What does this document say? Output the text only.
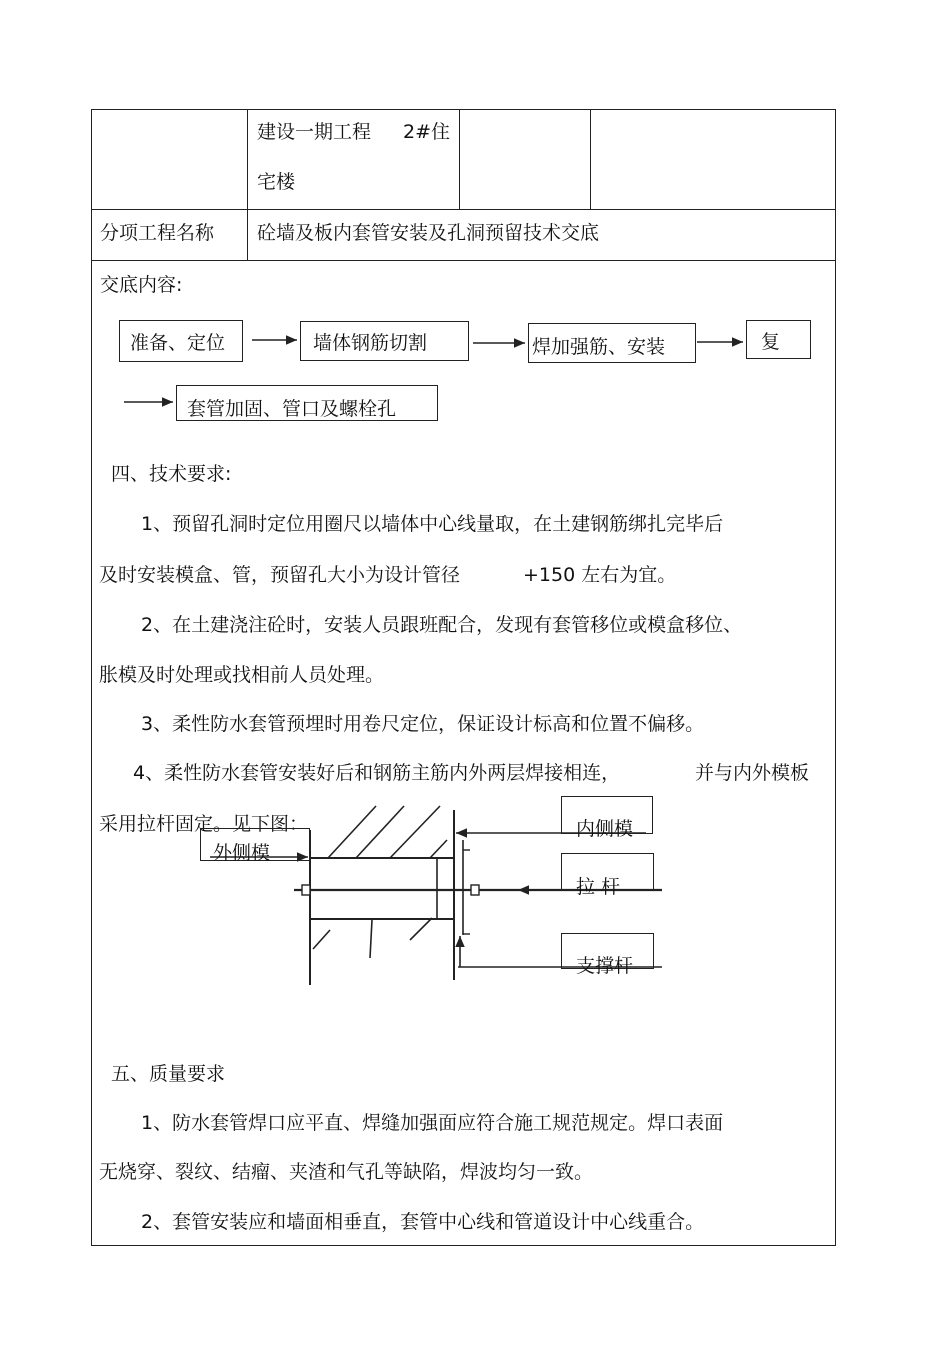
建设一期工程 2#住
宅楼
分项工程名称 砼墙及板内套管安装及孔洞预留技术交底
交底内容:
准备、定位	墙体钢筋切割	焊加强筋、安装	复
套管加固、管口及螺栓孔
四、技术要求:
1、预留孔洞时定位用圈尺以墙体中心线量取，在土建钢筋绑扎完毕后
及时安装模盒、管，预留孔大小为设计管径	+150 左右为宜。
2、在土建浇注砼时，安装人员跟班配合，发现有套管移位或模盒移位、
胀模及时处理或找相前人员处理。
3、柔性防水套管预埋时用卷尺定位，保证设计标高和位置不偏移。
4、柔性防水套管安装好后和钢筋主筋内外两层焊接相连，	并与内外模板
采用拉杆固定。见下图：
外侧模
内侧模
拉 杆
支撑杆
五、质量要求
1、防水套管焊口应平直、焊缝加强面应符合施工规范规定。焊口表面
无烧穿、裂纹、结瘤、夹渣和气孔等缺陷，焊波均匀一致。
2、套管安装应和墙面相垂直，套管中心线和管道设计中心线重合。
